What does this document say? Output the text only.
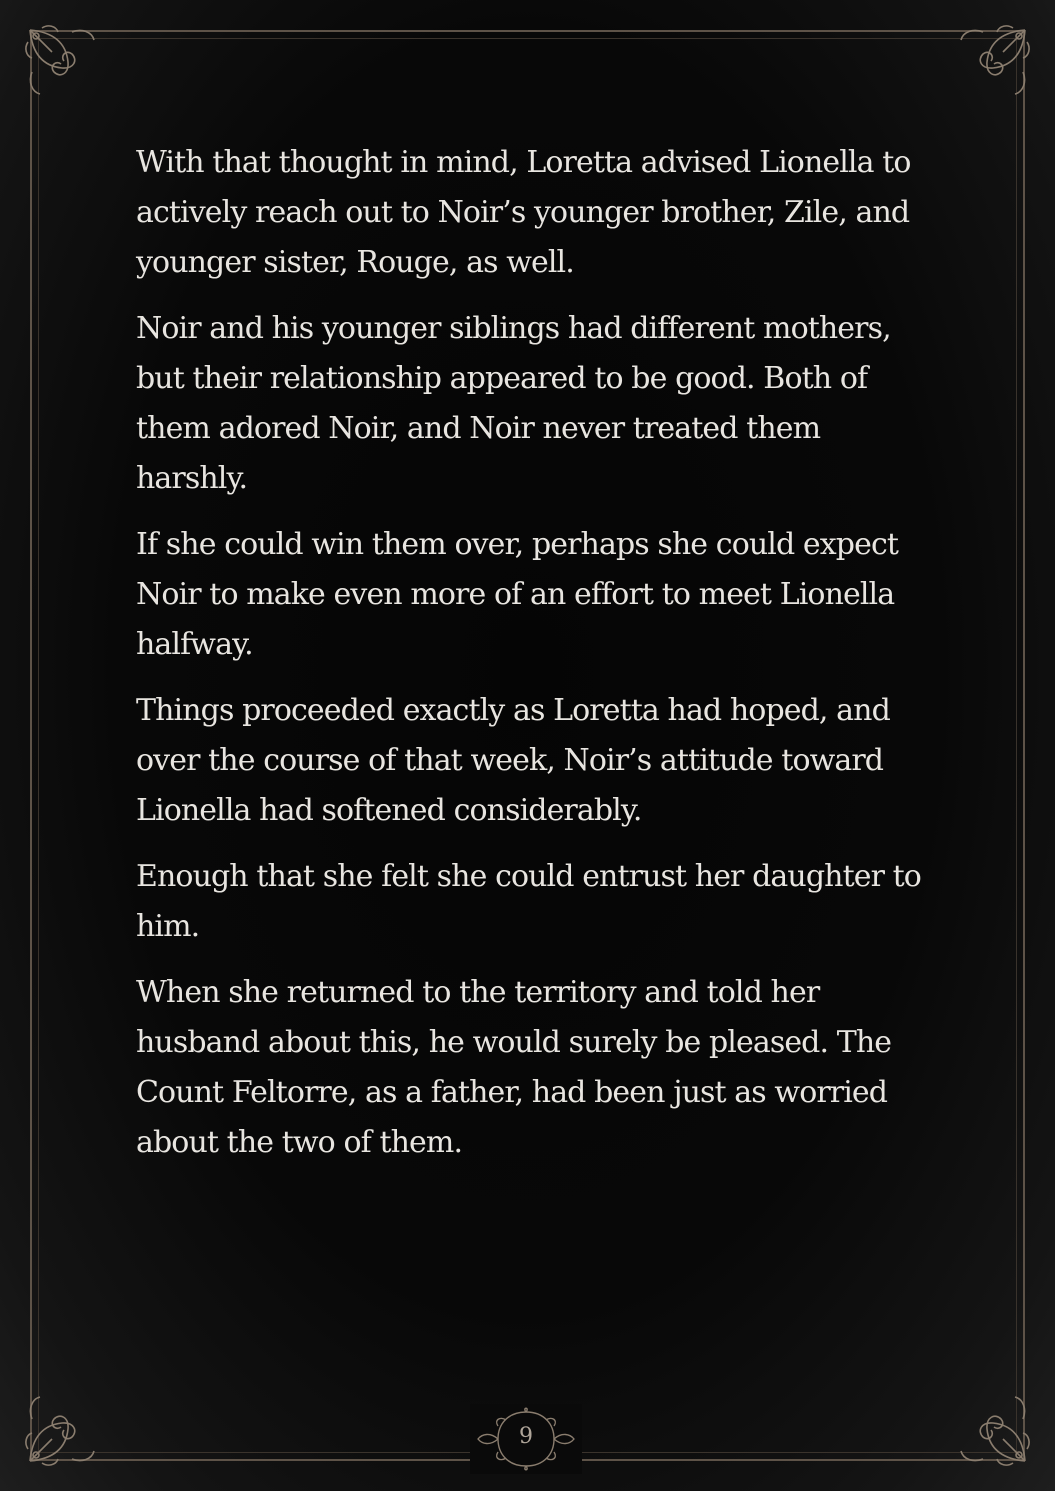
With that thought in mind, Loretta advised Lionella to actively reach out to Noir’s younger brother, Zile, and younger sister, Rouge, as well.

Noir and his younger siblings had different mothers, but their relationship appeared to be good. Both of them adored Noir, and Noir never treated them harshly.

If she could win them over, perhaps she could expect Noir to make even more of an effort to meet Lionella halfway.

Things proceeded exactly as Loretta had hoped, and over the course of that week, Noir’s attitude toward Lionella had softened considerably.

Enough that she felt she could entrust her daughter to him.

When she returned to the territory and told her husband about this, he would surely be pleased. The Count Feltorre, as a father, had been just as worried about the two of them.

9
